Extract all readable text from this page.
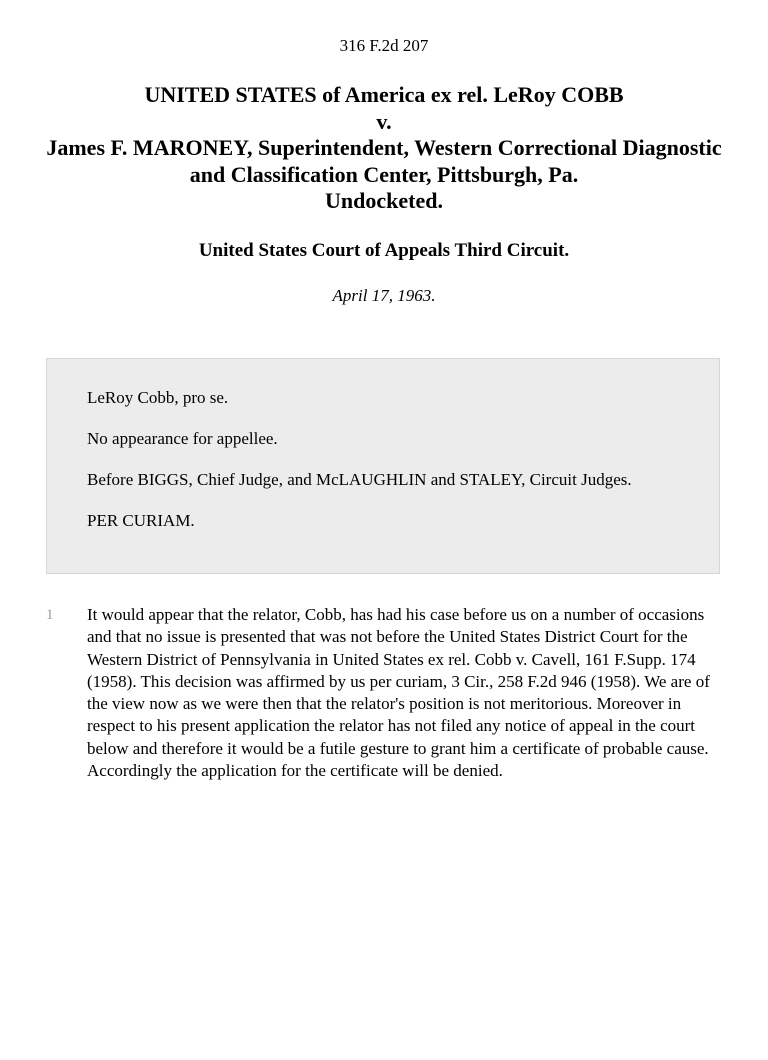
316 F.2d 207
UNITED STATES of America ex rel. LeRoy COBB
v.
James F. MARONEY, Superintendent, Western Correctional Diagnostic and Classification Center, Pittsburgh, Pa.
Undocketed.
United States Court of Appeals Third Circuit.
April 17, 1963.

LeRoy Cobb, pro se.

No appearance for appellee.

Before BIGGS, Chief Judge, and McLAUGHLIN and STALEY, Circuit Judges.

PER CURIAM.

1	It would appear that the relator, Cobb, has had his case before us on a number of occasions and that no issue is presented that was not before the United States District Court for the Western District of Pennsylvania in United States ex rel. Cobb v. Cavell, 161 F.Supp. 174 (1958). This decision was affirmed by us per curiam, 3 Cir., 258 F.2d 946 (1958). We are of the view now as we were then that the relator's position is not meritorious. Moreover in respect to his present application the relator has not filed any notice of appeal in the court below and therefore it would be a futile gesture to grant him a certificate of probable cause. Accordingly the application for the certificate will be denied.
